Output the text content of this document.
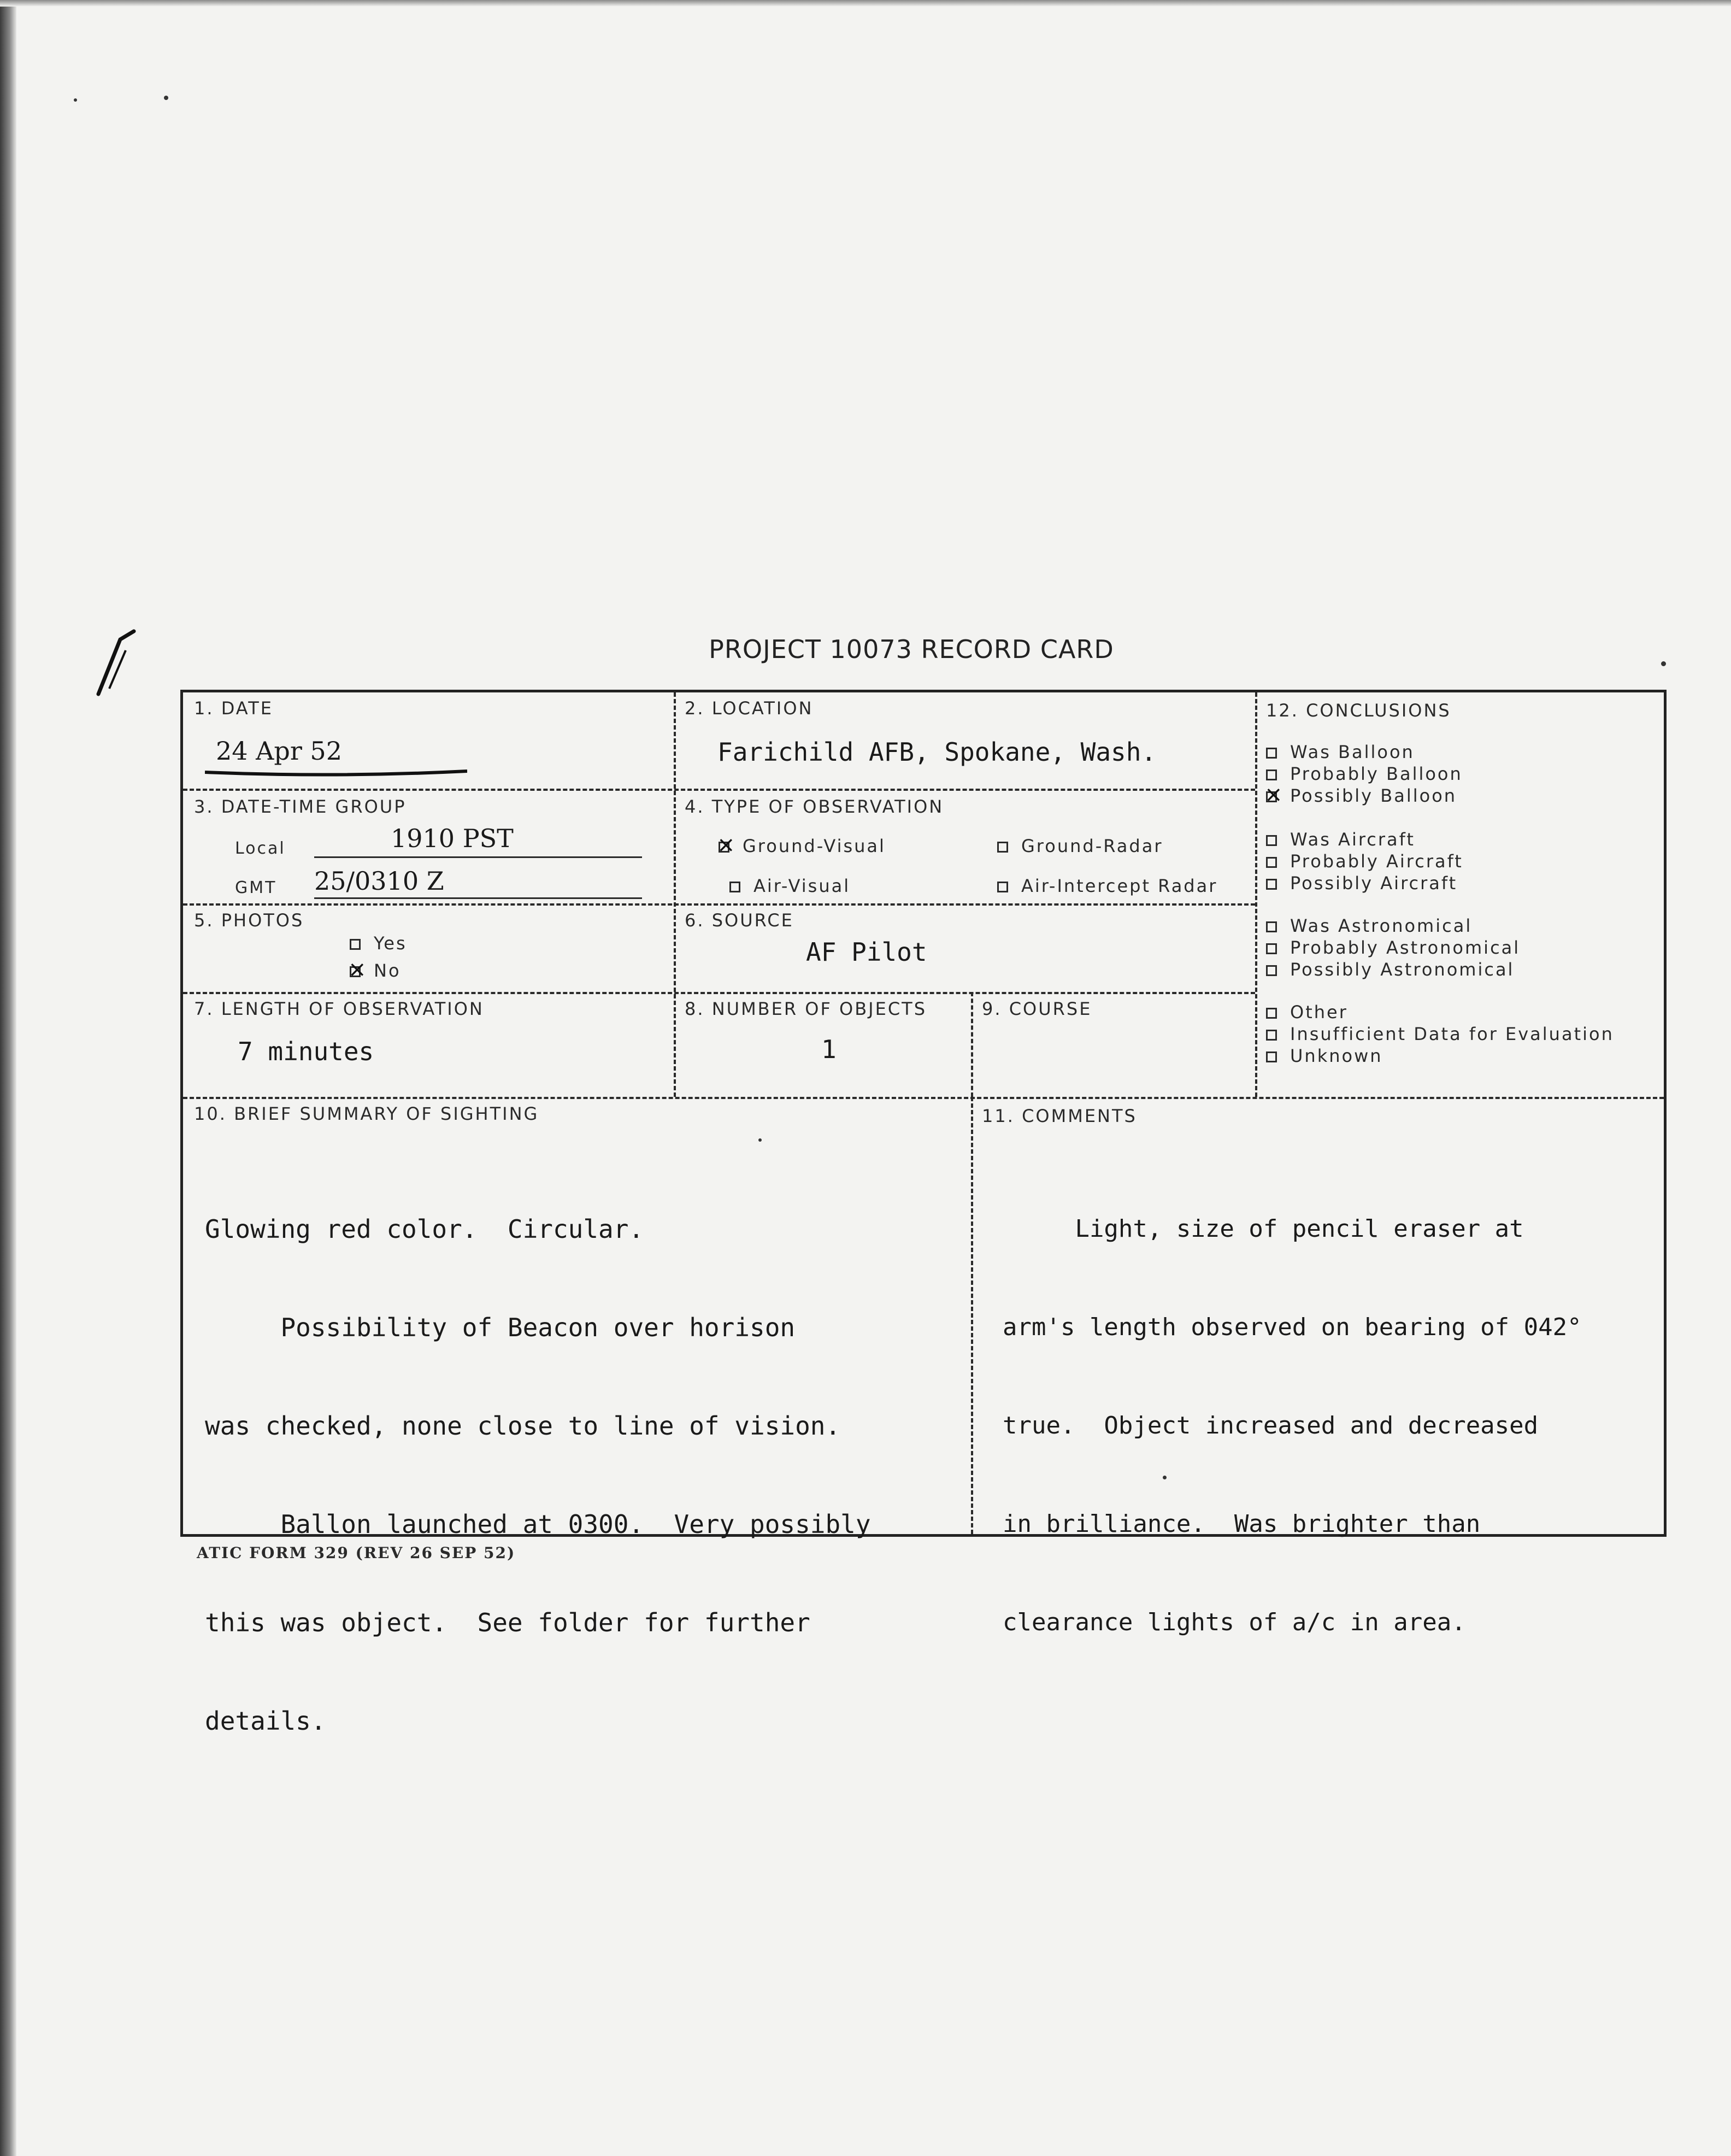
PROJECT 10073 RECORD CARD
1. DATE
24 Apr 52
2. LOCATION
Farichild AFB, Spokane, Wash.
3. DATE-TIME GROUP
Local	1910 PST
GMT 25/0310 Z
4. TYPE OF OBSERVATION
×Ground-Visual	Ground-Radar
Air-Visual	Air-Intercept Radar
5. PHOTOS
Yes
×No
6. SOURCE
AF Pilot
7. LENGTH OF OBSERVATION
7 minutes
8. NUMBER OF OBJECTS
1
9. COURSE
12. CONCLUSIONS
Was Balloon
Probably Balloon
×Possibly Balloon
Was Aircraft
Probably Aircraft
Possibly Aircraft
Was Astronomical
Probably Astronomical
Possibly Astronomical
Other
Insufficient Data for Evaluation
Unknown
10. BRIEF SUMMARY OF SIGHTING

Glowing red color.  Circular.

Possibility of Beacon over horison

was checked, none close to line of vision.

Ballon launched at 0300.  Very possibly

this was object.  See folder for further

details.

11. COMMENTS

Light, size of pencil eraser at

arm's length observed on bearing of 042°

true.  Object increased and decreased

in brilliance.  Was brighter than

clearance lights of a/c in area.

ATIC FORM 329 (REV 26 SEP 52)
